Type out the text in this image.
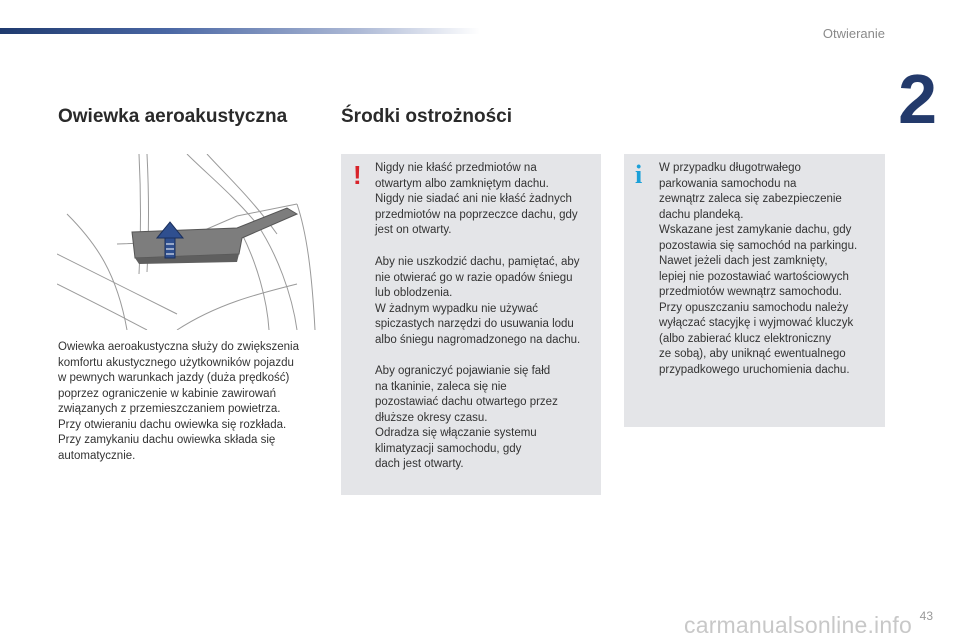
Otwieranie
2
Owiewka aeroakustyczna	Środki ostrożności
Owiewka aeroakustyczna służy do zwiększenia
komfortu akustycznego użytkowników pojazdu
w pewnych warunkach jazdy (duża prędkość)
poprzez ograniczenie w kabinie zawirowań
związanych z przemieszczaniem powietrza.
Przy otwieraniu dachu owiewka się rozkłada.
Przy zamykaniu dachu owiewka składa się
automatycznie.
! Nigdy nie kłaść przedmiotów na
otwartym albo zamkniętym dachu.
Nigdy nie siadać ani nie kłaść żadnych
przedmiotów na poprzeczce dachu, gdy
jest on otwarty.
Aby nie uszkodzić dachu, pamiętać, aby
nie otwierać go w razie opadów śniegu
lub oblodzenia.
W żadnym wypadku nie używać
spiczastych narzędzi do usuwania lodu
albo śniegu nagromadzonego na dachu.
Aby ograniczyć pojawianie się fałd
na tkaninie, zaleca się nie
pozostawiać dachu otwartego przez
dłuższe okresy czasu.
Odradza się włączanie systemu
klimatyzacji samochodu, gdy
dach jest otwarty.
i W przypadku długotrwałego
parkowania samochodu na
zewnątrz zaleca się zabezpieczenie
dachu plandeką.
Wskazane jest zamykanie dachu, gdy
pozostawia się samochód na parkingu.
Nawet jeżeli dach jest zamknięty,
lepiej nie pozostawiać wartościowych
przedmiotów wewnątrz samochodu.
Przy opuszczaniu samochodu należy
wyłączać stacyjkę i wyjmować kluczyk
(albo zabierać klucz elektroniczny
ze sobą), aby uniknąć ewentualnego
przypadkowego uruchomienia dachu.
carmanualsonline.info 43
